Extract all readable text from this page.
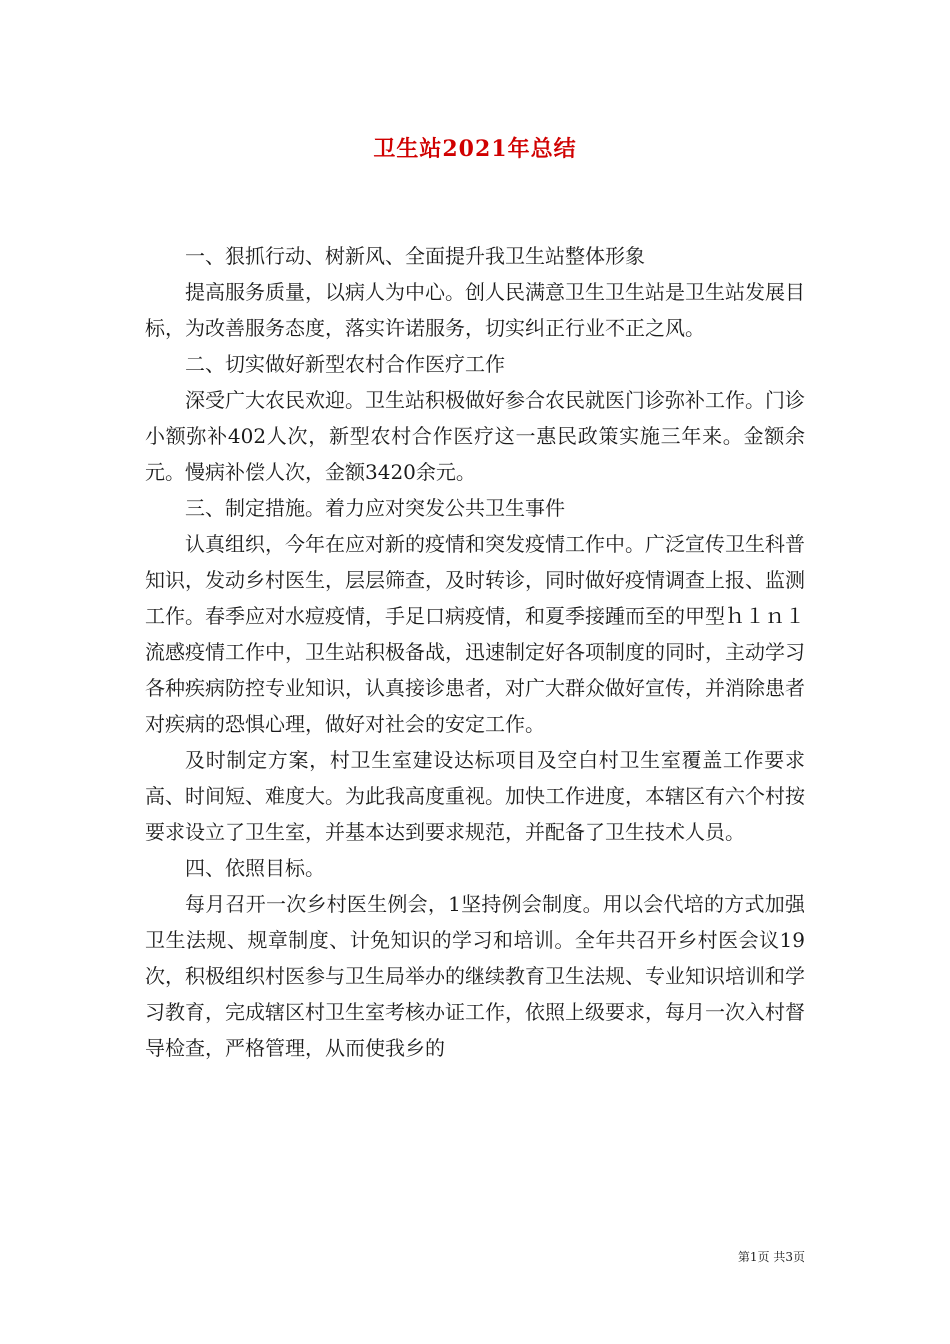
卫生站2021年总结

一、狠抓行动、树新风、全面提升我卫生站整体形象

提高服务质量，以病人为中心。创人民满意卫生卫生站是卫生站发展目标，为改善服务态度，落实许诺服务，切实纠正行业不正之风。

二、切实做好新型农村合作医疗工作

深受广大农民欢迎。卫生站积极做好参合农民就医门诊弥补工作。门诊小额弥补402人次，新型农村合作医疗这一惠民政策实施三年来。金额余元。慢病补偿人次，金额3420余元。

三、制定措施。着力应对突发公共卫生事件

认真组织，今年在应对新的疫情和突发疫情工作中。广泛宣传卫生科普知识，发动乡村医生，层层筛查，及时转诊，同时做好疫情调查上报、监测工作。春季应对水痘疫情，手足口病疫情，和夏季接踵而至的甲型ｈ１ｎ１流感疫情工作中，卫生站积极备战，迅速制定好各项制度的同时，主动学习各种疾病防控专业知识，认真接诊患者，对广大群众做好宣传，并消除患者对疾病的恐惧心理，做好对社会的安定工作。

及时制定方案，村卫生室建设达标项目及空白村卫生室覆盖工作要求高、时间短、难度大。为此我高度重视。加快工作进度，本辖区有六个村按要求设立了卫生室，并基本达到要求规范，并配备了卫生技术人员。

四、依照目标。

每月召开一次乡村医生例会，1坚持例会制度。用以会代培的方式加强卫生法规、规章制度、计免知识的学习和培训。全年共召开乡村医会议19次，积极组织村医参与卫生局举办的继续教育卫生法规、专业知识培训和学习教育，完成辖区村卫生室考核办证工作，依照上级要求，每月一次入村督导检查，严格管理，从而使我乡的

第1页 共3页
